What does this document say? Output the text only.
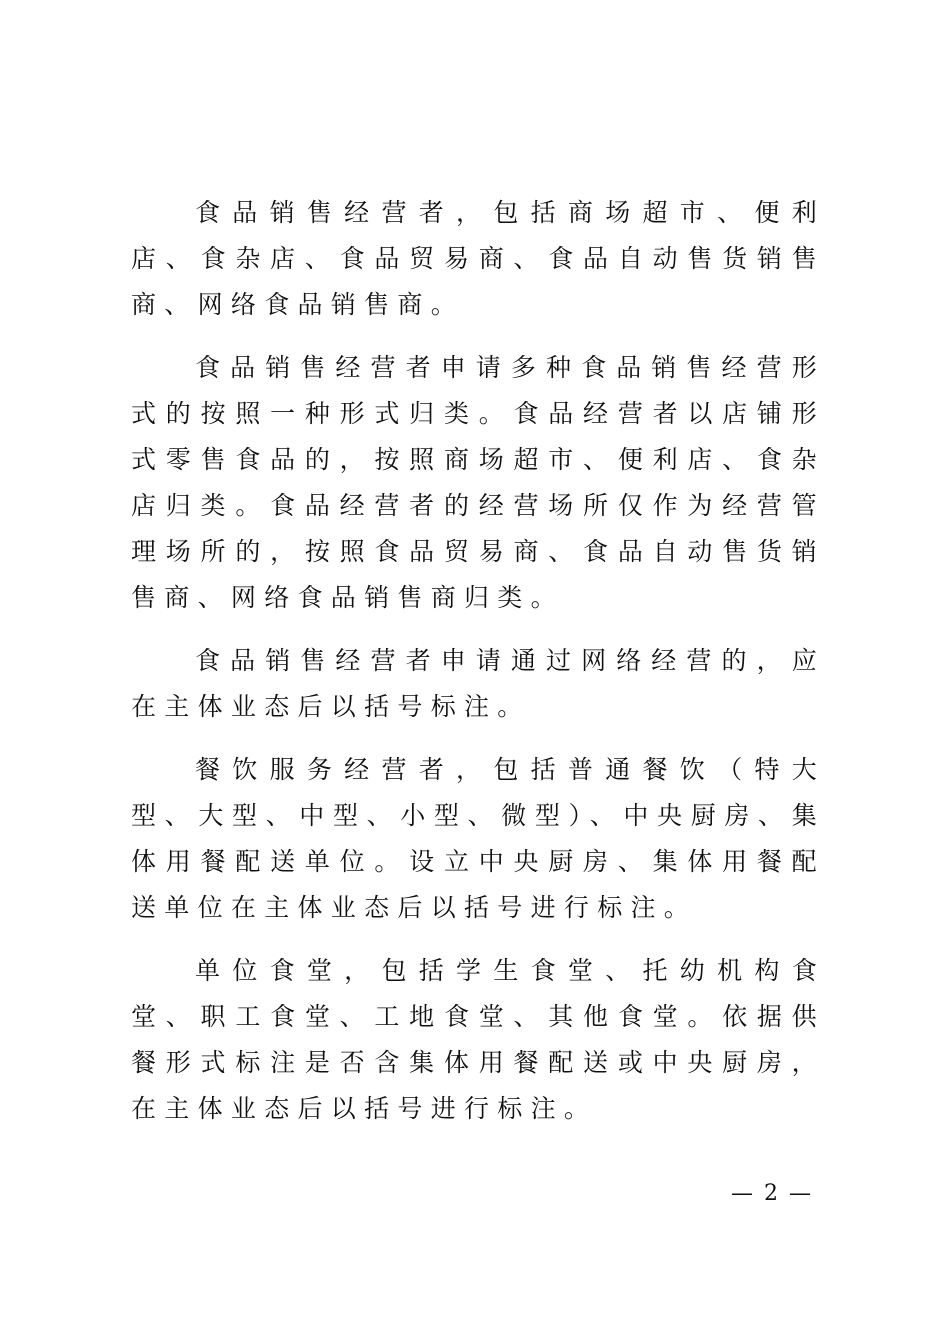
食品销售经营者，包括商场超市、便利店、食杂店、食品贸易商、食品自动售货销售商、网络食品销售商。

食品销售经营者申请多种食品销售经营形式的按照一种形式归类。食品经营者以店铺形式零售食品的，按照商场超市、便利店、食杂店归类。食品经营者的经营场所仅作为经营管理场所的，按照食品贸易商、食品自动售货销售商、网络食品销售商归类。

食品销售经营者申请通过网络经营的，应在主体业态后以括号标注。

餐饮服务经营者，包括普通餐饮（特大型、大型、中型、小型、微型）、中央厨房、集体用餐配送单位。设立中央厨房、集体用餐配送单位在主体业态后以括号进行标注。

单位食堂，包括学生食堂、托幼机构食堂、职工食堂、工地食堂、其他食堂。依据供餐形式标注是否含集体用餐配送或中央厨房，在主体业态后以括号进行标注。

— 2 —
